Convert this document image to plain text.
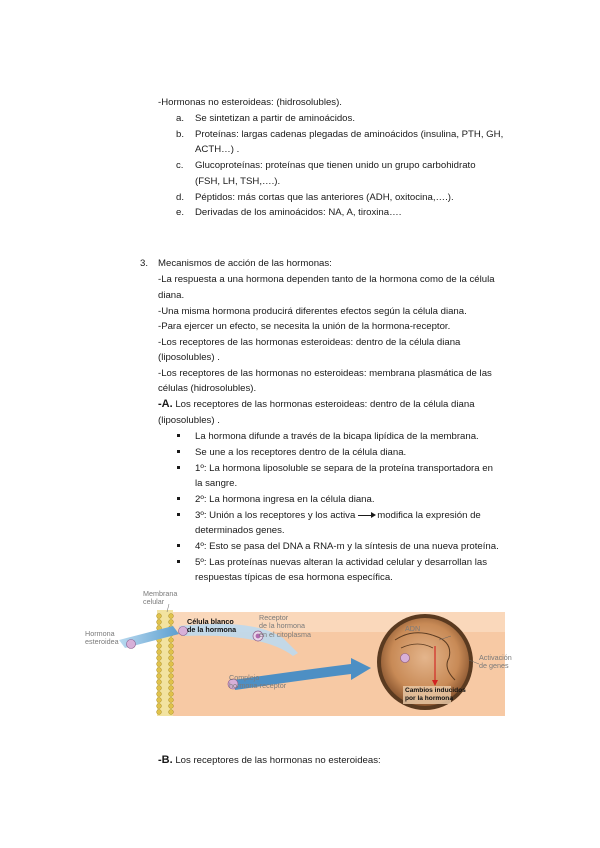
-Hormonas no esteroideas: (hidrosolubles).
a. Se sintetizan a partir de aminoácidos.
b. Proteínas: largas cadenas plegadas de aminoácidos (insulina, PTH, GH,
ACTH…) .
c. Glucoproteínas: proteínas que tienen unido un grupo carbohidrato
(FSH, LH, TSH,….).
d. Péptidos: más cortas que las anteriores (ADH, oxitocina,….).
e. Derivadas de los aminoácidos: NA, A, tiroxina….
3. Mecanismos de acción de las hormonas:
-La respuesta a una hormona dependen tanto de la hormona como de la célula
diana.
-Una misma hormona producirá diferentes efectos según la célula diana.
-Para ejercer un efecto, se necesita la unión de la hormona-receptor.
-Los receptores de las hormonas esteroideas: dentro de la célula diana
(liposolubles) .
-Los receptores de las hormonas no esteroideas: membrana plasmática de las
células (hidrosolubles).
-A. Los receptores de las hormonas esteroideas: dentro de la célula diana
(liposolubles) .
La hormona difunde a través de la bicapa lipídica de la membrana.
Se une a los receptores dentro de la célula diana.
1º: La hormona liposoluble se separa de la proteína transportadora en
la sangre.
2º: La hormona ingresa en la célula diana.
3º: Unión a los receptores y los activa modifica la expresión de
determinados genes.
4º: Esto se pasa del DNA a RNA-m y la síntesis de una nueva proteína.
5º: Las proteínas nuevas alteran la actividad celular y desarrollan las
respuestas típicas de esa hormona específica.
Membrana
celular
Hormona
esteroidea
Célula blanco
de la hormona
Receptor
de la hormona
en el citoplasma
Complejo
hormona-receptor
ADN
Activación
de genes
Cambios inducidos
por la hormona
-B. Los receptores de las hormonas no esteroideas:
